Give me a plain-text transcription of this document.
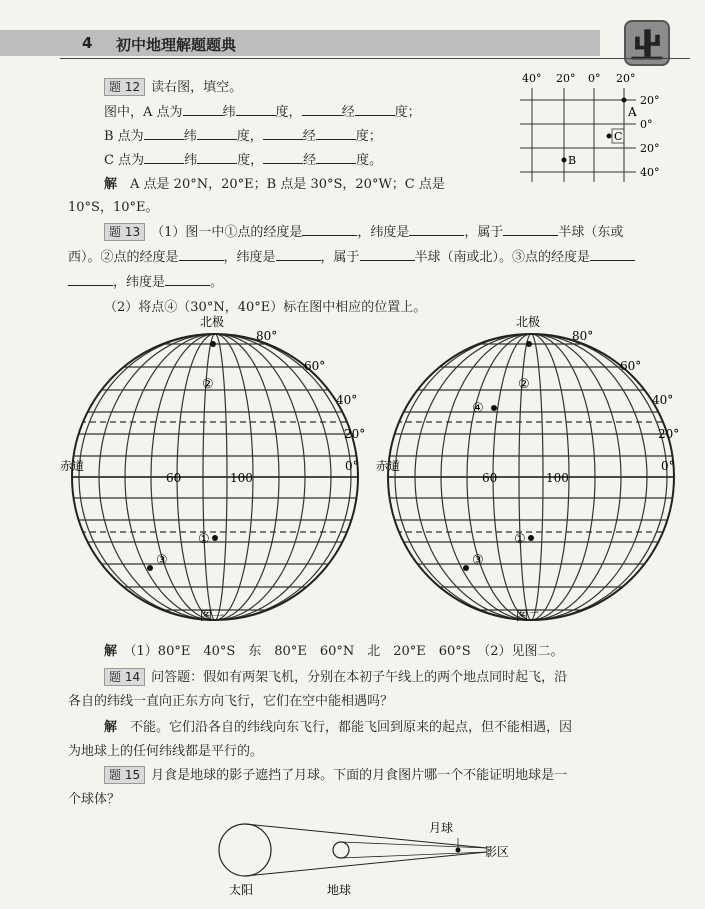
4 初中地理解题题典
题 12 读右图，填空。
图中，A 点为	纬	度，	经	度；
B 点为	纬	度，	经	度；
C 点为	纬	度，	经	度。
解　 A 点是 20°N，20°E；B 点是 30°S，20°W；C 点是
10°S，10°E。
40° 20° 0° 20°
20°
0°
20°
40°
A
C
B
题 13 （1）图一中①点的经度是	，纬度是	，属于	半球（东或
西）。②点的经度是	，纬度是	，属于	半球（南或北）。③点的经度是
，纬度是	。
（2）将点④（30°N，40°E）标在图中相应的位置上。
北极
80°
60°
40°
20°
0°
赤道
60	100
②
①
③
图一
北极
80°
60°
40°
20°
0°
赤道
60	100
②
④
①
③
图二
解　 （1）80°E　40°S　东　80°E　60°N　北　20°E　60°S　（2）见图二。
题 14 问答题：假如有两架飞机，分别在本初子午线上的两个地点同时起飞，沿
各自的纬线一直向正东方向飞行，它们在空中能相遇吗？
解　 不能。它们沿各自的纬线向东飞行，都能飞回到原来的起点，但不能相遇，因
为地球上的任何纬线都是平行的。
题 15 月食是地球的影子遮挡了月球。下面的月食图片哪一个不能证明地球是一
个球体？
月球
影区
太阳	地球
